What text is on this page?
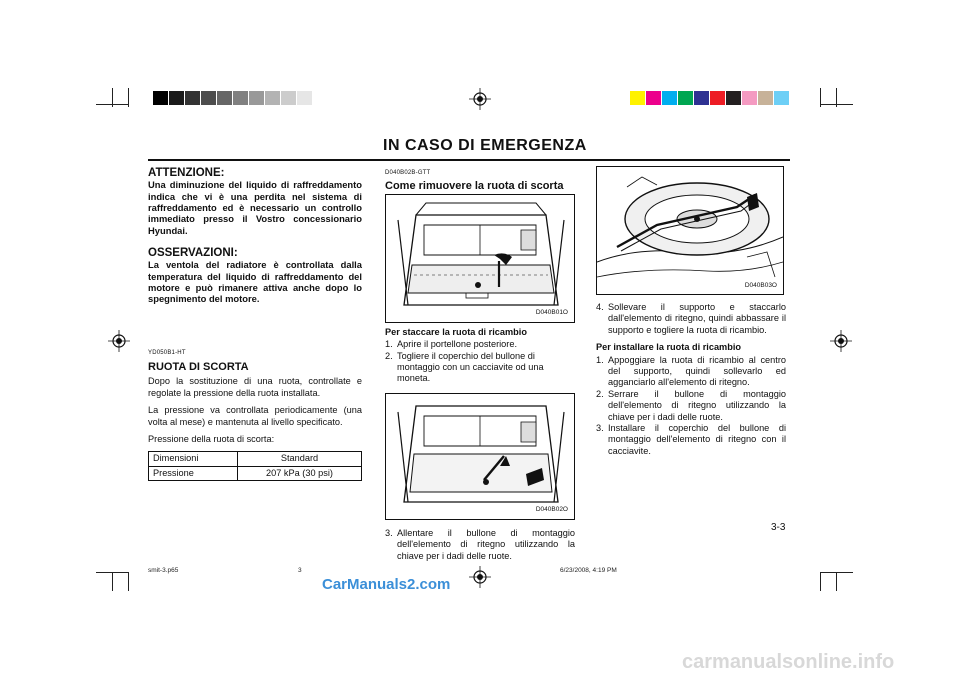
IN CASO DI EMERGENZA
ATTENZIONE:

Una diminuzione del liquido di raffreddamento indica che vi è una perdita nel sistema di raffreddamento ed è necessario un controllo immediato presso il Vostro concessionario Hyundai.

OSSERVAZIONI:

La ventola del radiatore è controllata dalla temperatura del liquido di raffreddamento del motore e può rimanere attiva anche dopo lo spegnimento del motore.

YD050B1-HT
RUOTA DI SCORTA

Dopo la sostituzione di una ruota, controllate e regolate la pressione della ruota installata.

La pressione va controllata periodicamente (una volta al mese) e mantenuta al livello specificato.

Pressione della ruota di scorta:

Dimensioni	Standard
Pressione	207 kPa (30 psi)
D040B02B-GTT
Come rimuovere la ruota di scorta
D040B01O
Per staccare la ruota di ricambio
1. Aprire il portellone posteriore.
2. Togliere il coperchio del bullone di montaggio con un cacciavite od una moneta.
D040B02O
3. Allentare il bullone di montaggio dell'elemento di ritegno utilizzando la chiave per i dadi delle ruote.
D040B03O
4. Sollevare il supporto e staccarlo dall'elemento di ritegno, quindi abbassare il supporto e togliere la ruota di ricambio.
Per installare la ruota di ricambio
1. Appoggiare la ruota di ricambio al centro del supporto, quindi sollevarlo ed agganciarlo all'elemento di ritegno.
2. Serrare il bullone di montaggio dell'elemento di ritegno utilizzando la chiave per i dadi delle ruote.
3. Installare il coperchio del bullone di montaggio dell'elemento di ritegno con il cacciavite.
3-3
smit-3.p65	3	6/23/2008, 4:19 PM
CarManuals2.com
carmanualsonline.info
